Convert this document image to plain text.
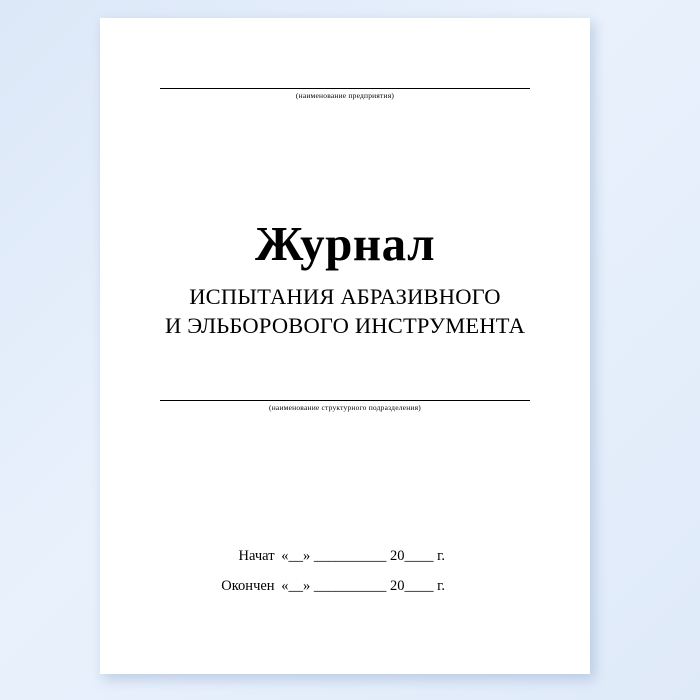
(наименование предприятия)
Журнал
ИСПЫТАНИЯ АБРАЗИВНОГО
И ЭЛЬБОРОВОГО ИНСТРУМЕНТА
(наименование структурного подразделения)
Начат «__» __________ 20____ г.
Окончен «__» __________ 20____ г.
